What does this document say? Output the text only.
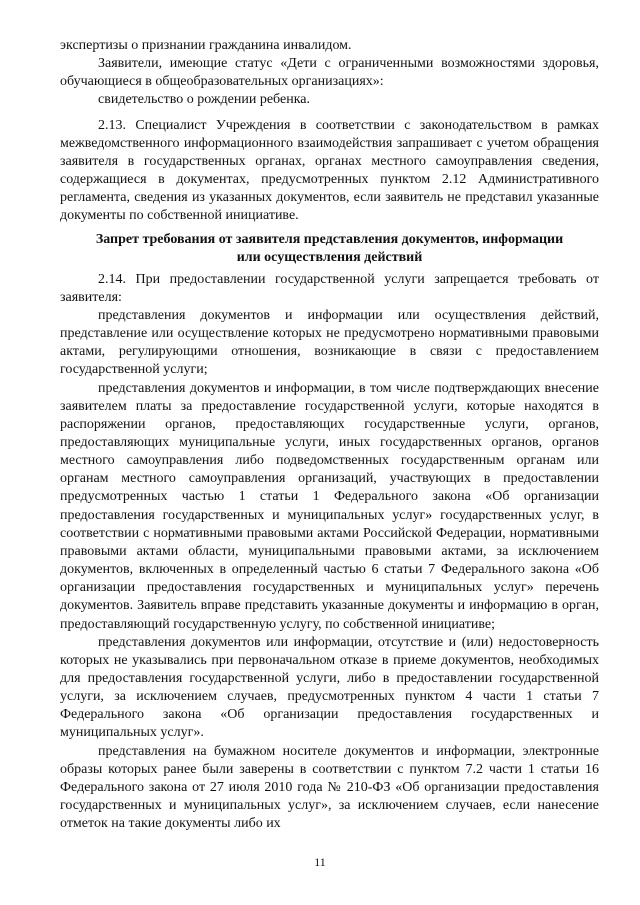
экспертизы о признании гражданина инвалидом.

Заявители, имеющие статус «Дети с ограниченными возможностями здоровья, обучающиеся в общеобразовательных организациях»:

свидетельство о рождении ребенка.

2.13. Специалист Учреждения в соответствии с законодательством в рамках межведомственного информационного взаимодействия запрашивает с учетом обращения заявителя в государственных органах, органах местного самоуправления сведения, содержащиеся в документах, предусмотренных пунктом 2.12 Административного регламента, сведения из указанных документов, если заявитель не представил указанные документы по собственной инициативе.

Запрет требования от заявителя представления документов, информации
или осуществления действий

2.14. При предоставлении государственной услуги запрещается требовать от заявителя:

представления документов и информации или осуществления действий, представление или осуществление которых не предусмотрено нормативными правовыми актами, регулирующими отношения, возникающие в связи с предоставлением государственной услуги;

представления документов и информации, в том числе подтверждающих внесение заявителем платы за предоставление государственной услуги, которые находятся в распоряжении органов, предоставляющих государственные услуги, органов, предоставляющих муниципальные услуги, иных государственных органов, органов местного самоуправления либо подведомственных государственным органам или органам местного самоуправления организаций, участвующих в предоставлении предусмотренных частью 1 статьи 1 Федерального закона «Об организации предоставления государственных и муниципальных услуг» государственных услуг, в соответствии с нормативными правовыми актами Российской Федерации, нормативными правовыми актами области, муниципальными правовыми актами, за исключением документов, включенных в определенный частью 6 статьи 7 Федерального закона «Об организации предоставления государственных и муниципальных услуг» перечень документов. Заявитель вправе представить указанные документы и информацию в орган, предоставляющий государственную услугу, по собственной инициативе;

представления документов или информации, отсутствие и (или) недостоверность которых не указывались при первоначальном отказе в приеме документов, необходимых для предоставления государственной услуги, либо в предоставлении государственной услуги, за исключением случаев, предусмотренных пунктом 4 части 1 статьи 7 Федерального закона «Об организации предоставления государственных и муниципальных услуг».

представления на бумажном носителе документов и информации, электронные образы которых ранее были заверены в соответствии с пунктом 7.2 части 1 статьи 16 Федерального закона от 27 июля 2010 года № 210-ФЗ «Об организации предоставления государственных и муниципальных услуг», за исключением случаев, если нанесение отметок на такие документы либо их

11
